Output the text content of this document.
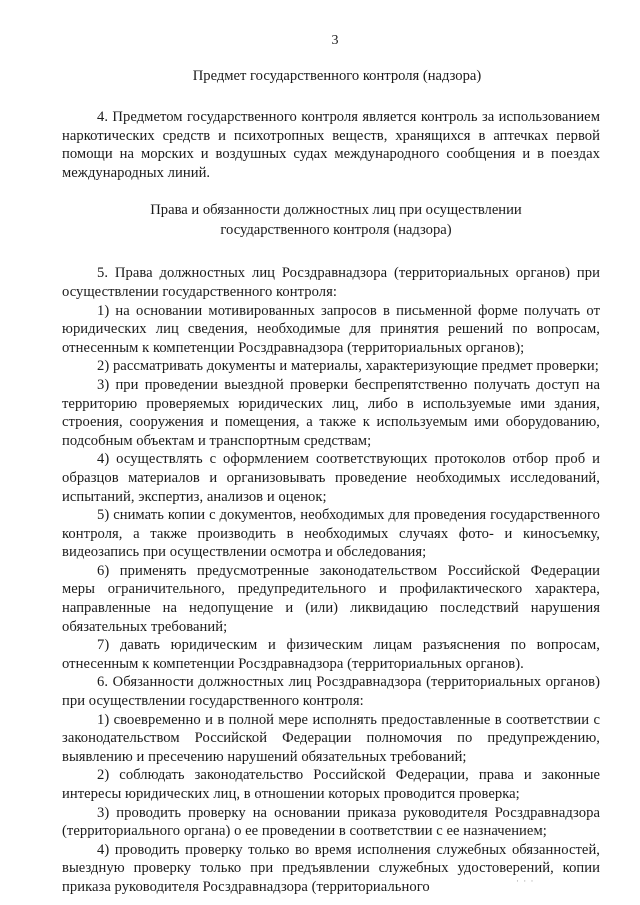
3
Предмет государственного контроля (надзора)

4. Предметом государственного контроля является контроль за использованием наркотических средств и психотропных веществ, хранящихся в аптечках первой помощи на морских и воздушных судах международного сообщения и в поездах международных линий.

Права и обязанности должностных лиц при осуществлении
государственного контроля (надзора)

5. Права должностных лиц Росздравнадзора (территориальных органов) при осуществлении государственного контроля:

1) на основании мотивированных запросов в письменной форме получать от юридических лиц сведения, необходимые для принятия решений по вопросам, отнесенным к компетенции Росздравнадзора (территориальных органов);

2) рассматривать документы и материалы, характеризующие предмет проверки;

3) при проведении выездной проверки беспрепятственно получать доступ на территорию проверяемых юридических лиц, либо в используемые ими здания, строения, сооружения и помещения, а также к используемым ими оборудованию, подсобным объектам и транспортным средствам;

4) осуществлять с оформлением соответствующих протоколов отбор проб и образцов материалов и организовывать проведение необходимых исследований, испытаний, экспертиз, анализов и оценок;

5) снимать копии с документов, необходимых для проведения государственного контроля, а также производить в необходимых случаях фото- и киносъемку, видеозапись при осуществлении осмотра и обследования;

6) применять предусмотренные законодательством Российской Федерации меры ограничительного, предупредительного и профилактического характера, направленные на недопущение и (или) ликвидацию последствий нарушения обязательных требований;

7) давать юридическим и физическим лицам разъяснения по вопросам, отнесенным к компетенции Росздравнадзора (территориальных органов).

6. Обязанности должностных лиц Росздравнадзора (территориальных органов) при осуществлении государственного контроля:

1) своевременно и в полной мере исполнять предоставленные в соответствии с законодательством Российской Федерации полномочия по предупреждению, выявлению и пресечению нарушений обязательных требований;

2) соблюдать законодательство Российской Федерации, права и законные интересы юридических лиц, в отношении которых проводится проверка;

3) проводить проверку на основании приказа руководителя Росздравнадзора (территориального органа) о ее проведении в соответствии с ее назначением;

4) проводить проверку только во время исполнения служебных обязанностей, выездную проверку только при предъявлении служебных удостоверений, копии приказа руководителя Росздравнадзора (территориального	· · ·
